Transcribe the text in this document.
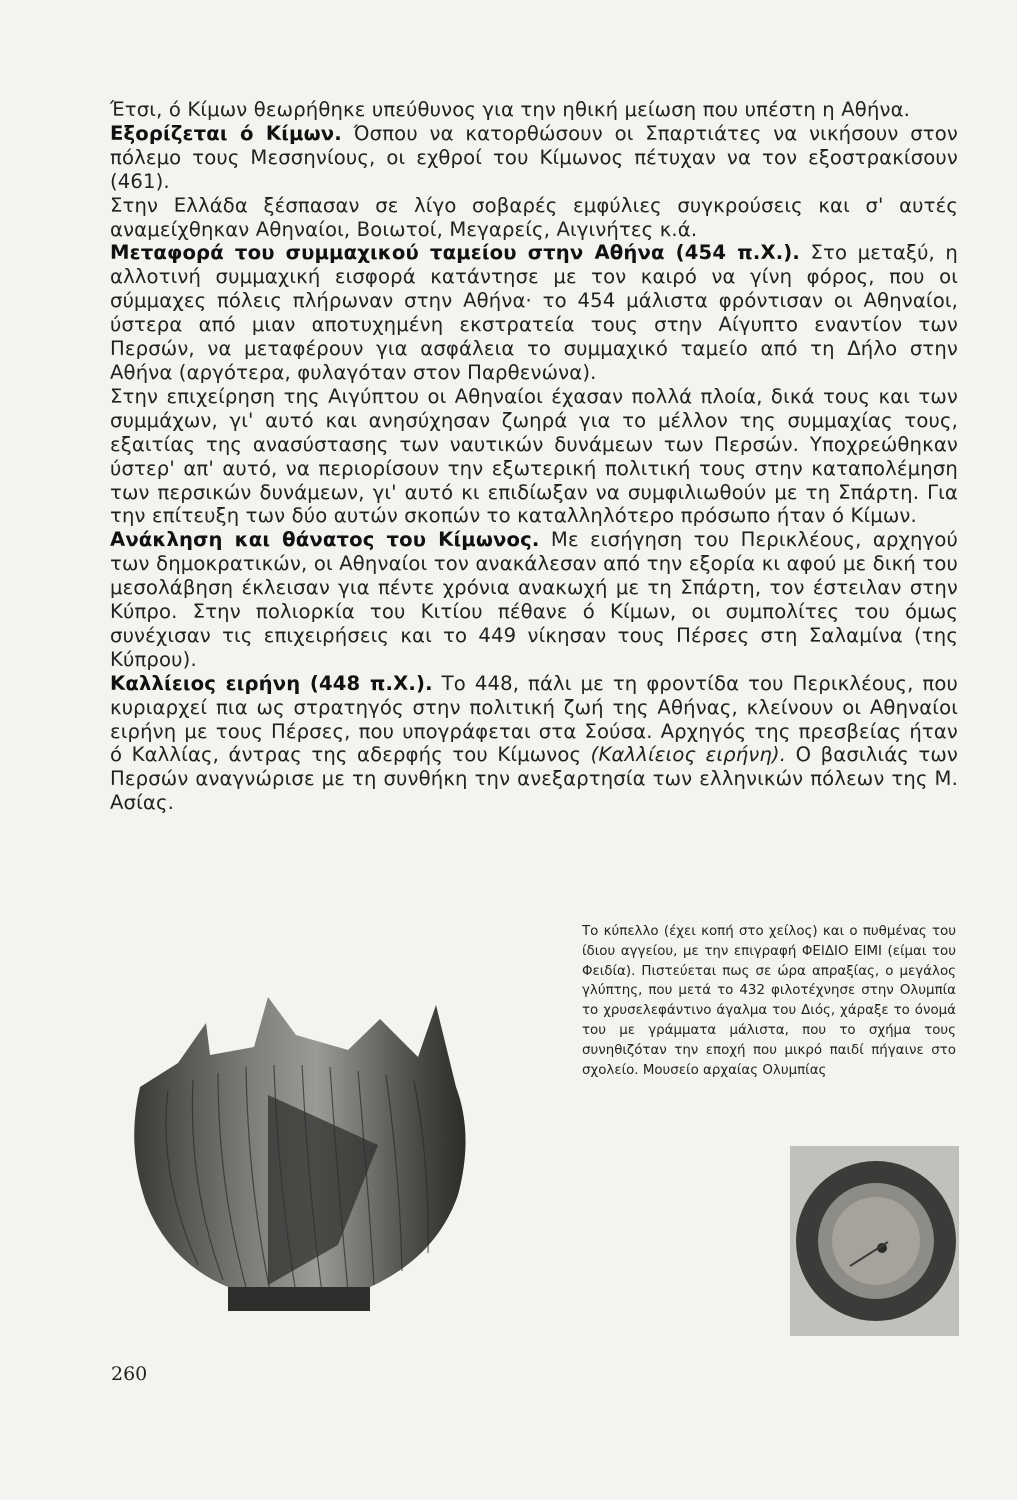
Έτσι, ό Κίμων θεωρήθηκε υπεύθυνος για την ηθική μείωση που υπέστη η Αθήνα.

Εξορίζεται ό Κίμων. Όσπου να κατορθώσουν οι Σπαρτιάτες να νικήσουν στον πόλεμο τους Μεσσηνίους, οι εχθροί του Κίμωνος πέτυχαν να τον εξοστρακίσουν (461).

Στην Ελλάδα ξέσπασαν σε λίγο σοβαρές εμφύλιες συγκρούσεις και σ' αυτές αναμείχθηκαν Αθηναίοι, Βοιωτοί, Μεγαρείς, Αιγινήτες κ.ά.

Μεταφορά του συμμαχικού ταμείου στην Αθήνα (454 π.Χ.). Στο μεταξύ, η αλλοτινή συμμαχική εισφορά κατάντησε με τον καιρό να γίνη φόρος, που οι σύμμαχες πόλεις πλήρωναν στην Αθήνα· το 454 μάλιστα φρόντισαν οι Αθηναίοι, ύστερα από μιαν αποτυχημένη εκστρατεία τους στην Αίγυπτο εναντίον των Περσών, να μεταφέρουν για ασφάλεια το συμμαχικό ταμείο από τη Δήλο στην Αθήνα (αργότερα, φυλαγόταν στον Παρθενώνα).

Στην επιχείρηση της Αιγύπτου οι Αθηναίοι έχασαν πολλά πλοία, δικά τους και των συμμάχων, γι' αυτό και ανησύχησαν ζωηρά για το μέλλον της συμμαχίας τους, εξαιτίας της ανασύστασης των ναυτικών δυνάμεων των Περσών. Υποχρεώθηκαν ύστερ' απ' αυτό, να περιορίσουν την εξωτερική πολιτική τους στην καταπολέμηση των περσικών δυνάμεων, γι' αυτό κι επιδίωξαν να συμφιλιωθούν με τη Σπάρτη. Για την επίτευξη των δύο αυτών σκοπών το καταλληλότερο πρόσωπο ήταν ό Κίμων.

Ανάκληση και θάνατος του Κίμωνος. Με εισήγηση του Περικλέους, αρχηγού των δημοκρατικών, οι Αθηναίοι τον ανακάλεσαν από την εξορία κι αφού με δική του μεσολάβηση έκλεισαν για πέντε χρόνια ανακωχή με τη Σπάρτη, τον έστειλαν στην Κύπρο. Στην πολιορκία του Κιτίου πέθανε ό Κίμων, οι συμπολίτες του όμως συνέχισαν τις επιχειρήσεις και το 449 νίκησαν τους Πέρσες στη Σαλαμίνα (της Κύπρου).

Καλλίειος ειρήνη (448 π.Χ.). Το 448, πάλι με τη φροντίδα του Περικλέους, που κυριαρχεί πια ως στρατηγός στην πολιτική ζωή της Αθήνας, κλείνουν οι Αθηναίοι ειρήνη με τους Πέρσες, που υπογράφεται στα Σούσα. Αρχηγός της πρεσβείας ήταν ό Καλλίας, άντρας της αδερφής του Κίμωνος (Καλλίειος ειρήνη). Ο βασιλιάς των Περσών αναγνώρισε με τη συνθήκη την ανεξαρτησία των ελληνικών πόλεων της Μ. Ασίας.

Το κύπελλο (έχει κοπή στο χείλος) και ο πυθμένας του ίδιου αγγείου, με την επιγραφή ΦΕΙΔΙΟ ΕΙΜΙ (είμαι του Φειδία). Πιστεύεται πως σε ώρα απραξίας, ο μεγάλος γλύπτης, που μετά το 432 φιλοτέχνησε στην Ολυμπία το χρυσελεφάντινο άγαλμα του Διός, χάραξε το όνομά του με γράμματα μάλιστα, που το σχήμα τους συνηθιζόταν την εποχή που μικρό παιδί πήγαινε στο σχολείο. Μουσείο αρχαίας Ολυμπίας
260
